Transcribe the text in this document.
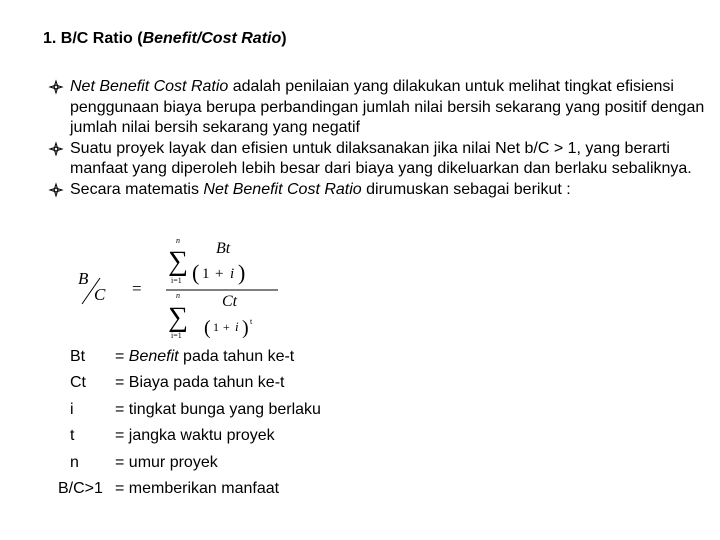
1. B/C Ratio (Benefit/Cost Ratio)
Net Benefit Cost Ratio adalah penilaian yang dilakukan untuk melihat tingkat efisiensi penggunaan biaya berupa perbandingan jumlah nilai bersih sekarang yang positif dengan jumlah nilai bersih sekarang yang negatif
Suatu proyek layak dan efisien untuk dilaksanakan jika nilai Net b/C > 1, yang berarti manfaat yang diperoleh lebih besar dari biaya yang dikeluarkan dan berlaku sebaliknya.
Secara matematis Net Benefit Cost Ratio dirumuskan sebagai berikut :
B
C =
n
∑
i=1
Bt
( 1 + i )
n
∑
i=1
Ct
( 1 + i ) t
Bt = Benefit pada tahun ke-t
Ct = Biaya pada tahun ke-t
i	= tingkat bunga yang berlaku
t	= jangka waktu proyek
n = umur proyek
B/C>1 = memberikan manfaat
